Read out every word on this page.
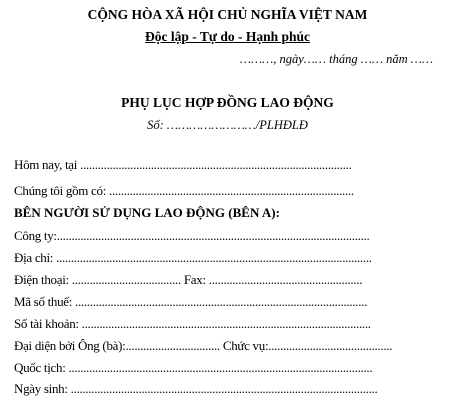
CỘNG HÒA XÃ HỘI CHỦ NGHĨA VIỆT NAM
Độc lập - Tự do - Hạnh phúc
………, ngày…… tháng …… năm ……
PHỤ LỤC HỢP ĐỒNG LAO ĐỘNG
Số: ……………………/PLHĐLĐ
Hôm nay, tại ............................................................................................
Chúng tôi gồm có: ...................................................................................
BÊN NGƯỜI SỬ DỤNG LAO ĐỘNG (BÊN A):
Công ty:..........................................................................................................
Địa chỉ: ...........................................................................................................
Điện thoại: ..................................... Fax: ....................................................
Mã số thuế: ...................................................................................................
Số tài khoản: ..................................................................................................
Đại diện bởi Ông (bà):................................ Chức vụ:..........................................
Quốc tịch: .......................................................................................................
Ngày sinh: ........................................................................................................
